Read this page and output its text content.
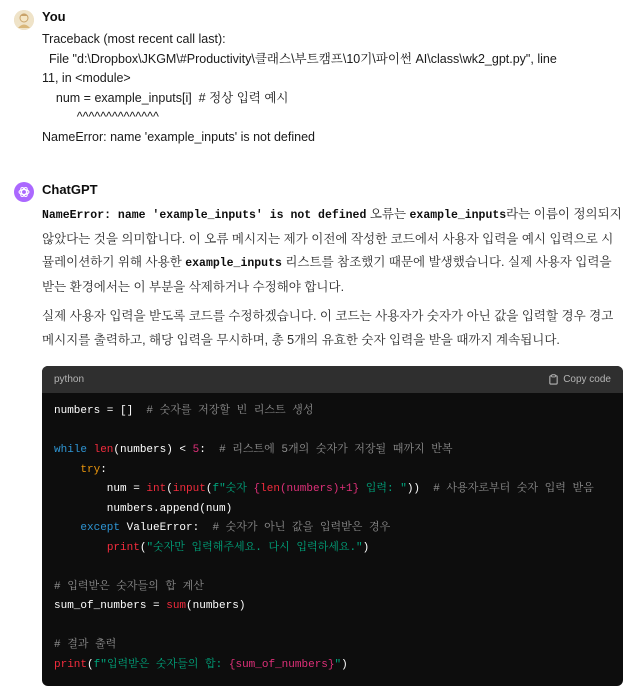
You
Traceback (most recent call last):
File "d:\Dropbox\JKGM\#Productivity\클래스\부트캠프\10기\파이썬 AI\class\wk2_gpt.py", line
11, in <module>
num = example_inputs[i]  # 정상 입력 예시
^^^^^^^^^^^^^^
NameError: name 'example_inputs' is not defined
ChatGPT
NameError: name 'example_inputs' is not defined 오류는 example_inputs라는 이름이 정의되지 않았다는 것을 의미합니다. 이 오류 메시지는 제가 이전에 작성한 코드에서 사용자 입력을 예시 입력으로 시뮬레이션하기 위해 사용한 example_inputs 리스트를 참조했기 때문에 발생했습니다. 실제 사용자 입력을 받는 환경에서는 이 부분을 삭제하거나 수정해야 합니다.
실제 사용자 입력을 받도록 코드를 수정하겠습니다. 이 코드는 사용자가 숫자가 아닌 값을 입력할 경우 경고 메시지를 출력하고, 해당 입력을 무시하며, 총 5개의 유효한 숫자 입력을 받을 때까지 계속됩니다.
python	Copy code
numbers = []  # 숫자를 저장할 빈 리스트 생성

while len(numbers) < 5:  # 리스트에 5개의 숫자가 저장될 때까지 반복
try:
num = int(input(f"숫자 {len(numbers)+1} 입력: "))  # 사용자로부터 숫자 입력 받음
numbers.append(num)
except ValueError:  # 숫자가 아닌 값을 입력받은 경우
print("숫자만 입력해주세요. 다시 입력하세요.")

# 입력받은 숫자들의 합 계산
sum_of_numbers = sum(numbers)

# 결과 출력
print(f"입력받은 숫자들의 합: {sum_of_numbers}")
